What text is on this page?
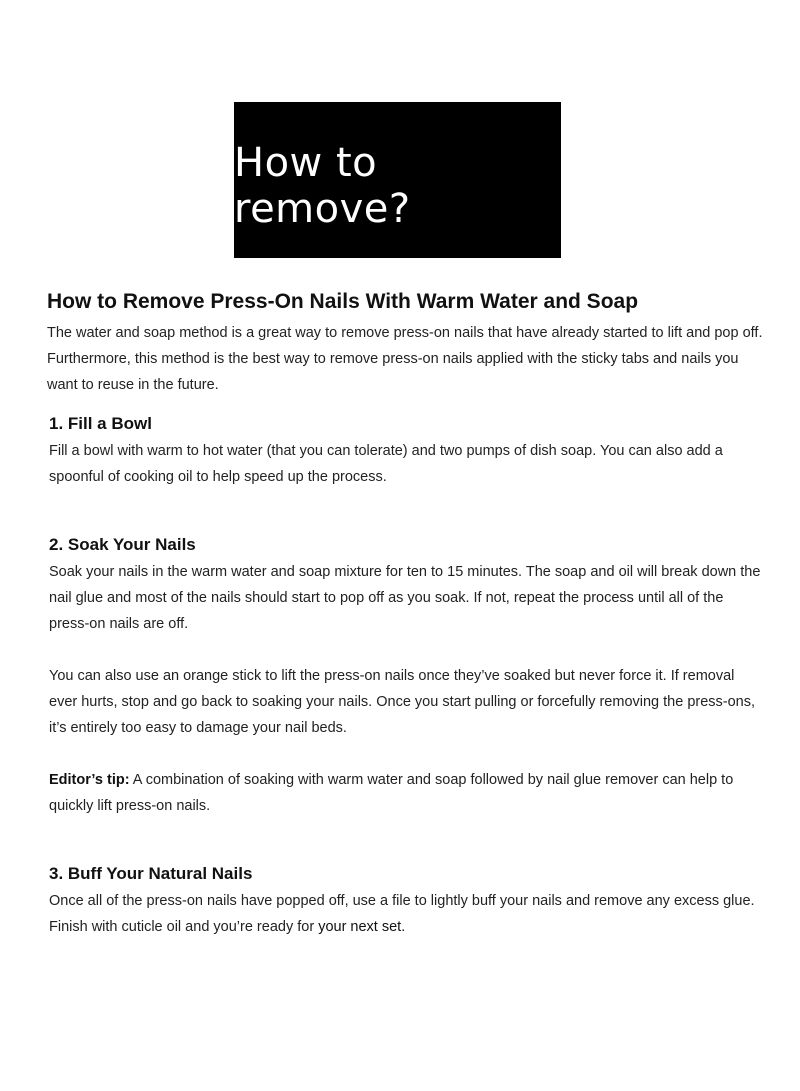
How to remove?
How to Remove Press-On Nails With Warm Water and Soap

The water and soap method is a great way to remove press-on nails that have already started to lift and pop off. Furthermore, this method is the best way to remove press-on nails applied with the sticky tabs and nails you want to reuse in the future.

1. Fill a Bowl

Fill a bowl with warm to hot water (that you can tolerate) and two pumps of dish soap. You can also add a spoonful of cooking oil to help speed up the process.

2. Soak Your Nails

Soak your nails in the warm water and soap mixture for ten to 15 minutes. The soap and oil will break down the nail glue and most of the nails should start to pop off as you soak. If not, repeat the process until all of the press-on nails are off.

You can also use an orange stick to lift the press-on nails once they’ve soaked but never force it. If removal ever hurts, stop and go back to soaking your nails. Once you start pulling or forcefully removing the press-ons, it’s entirely too easy to damage your nail beds.

Editor’s tip: A combination of soaking with warm water and soap followed by nail glue remover can help to quickly lift press-on nails.

3. Buff Your Natural Nails

Once all of the press-on nails have popped off, use a file to lightly buff your nails and remove any excess glue. Finish with cuticle oil and you’re ready for your next set.
